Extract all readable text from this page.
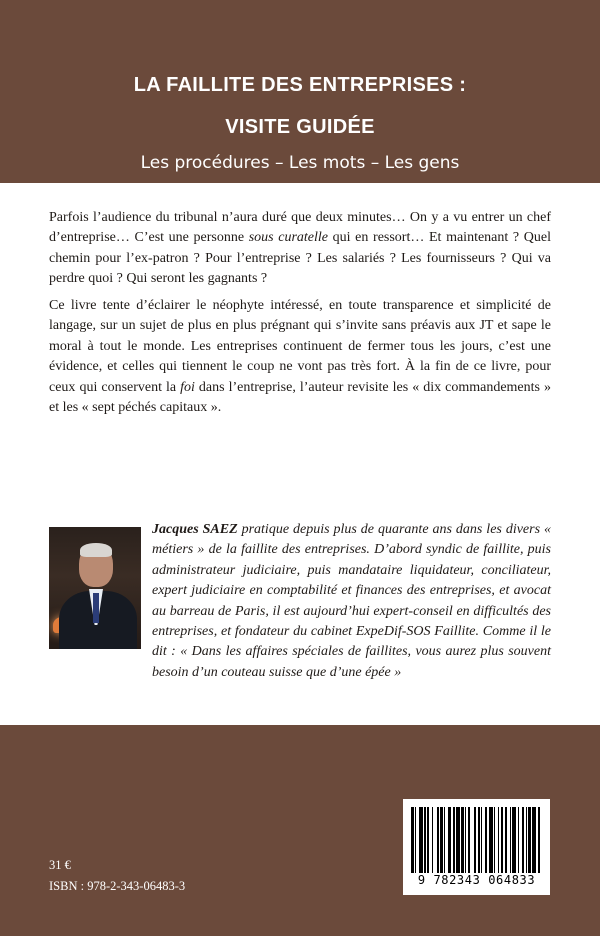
LA FAILLITE DES ENTREPRISES :
VISITE GUIDÉE
Les procédures – Les mots – Les gens

Parfois l’audience du tribunal n’aura duré que deux minutes… On y a vu entrer un chef d’entreprise… C’est une personne sous curatelle qui en ressort… Et maintenant ? Quel chemin pour l’ex-patron ? Pour l’entreprise ? Les salariés ? Les fournisseurs ? Qui va perdre quoi ? Qui seront les gagnants ?

Ce livre tente d’éclairer le néophyte intéressé, en toute transparence et simplicité de langage, sur un sujet de plus en plus prégnant qui s’invite sans préavis aux JT et sape le moral à tout le monde. Les entreprises continuent de fermer tous les jours, c’est une évidence, et celles qui tiennent le coup ne vont pas très fort. À la fin de ce livre, pour ceux qui conservent la foi dans l’entreprise, l’auteur revisite les « dix commandements » et les « sept péchés capitaux ».

Jacques SAEZ pratique depuis plus de quarante ans dans les divers « métiers » de la faillite des entreprises. D’abord syndic de faillite, puis administrateur judiciaire, puis mandataire liquidateur, conciliateur, expert judiciaire en comptabilité et finances des entreprises, et avocat au barreau de Paris, il est aujourd’hui expert-conseil en difficultés des entreprises, et fondateur du cabinet ExpeDif-SOS Faillite. Comme il le dit : « Dans les affaires spéciales de faillites, vous aurez plus souvent besoin d’un couteau suisse que d’une épée »

31 €
ISBN : 978-2-343-06483-3	9 782343 064833
